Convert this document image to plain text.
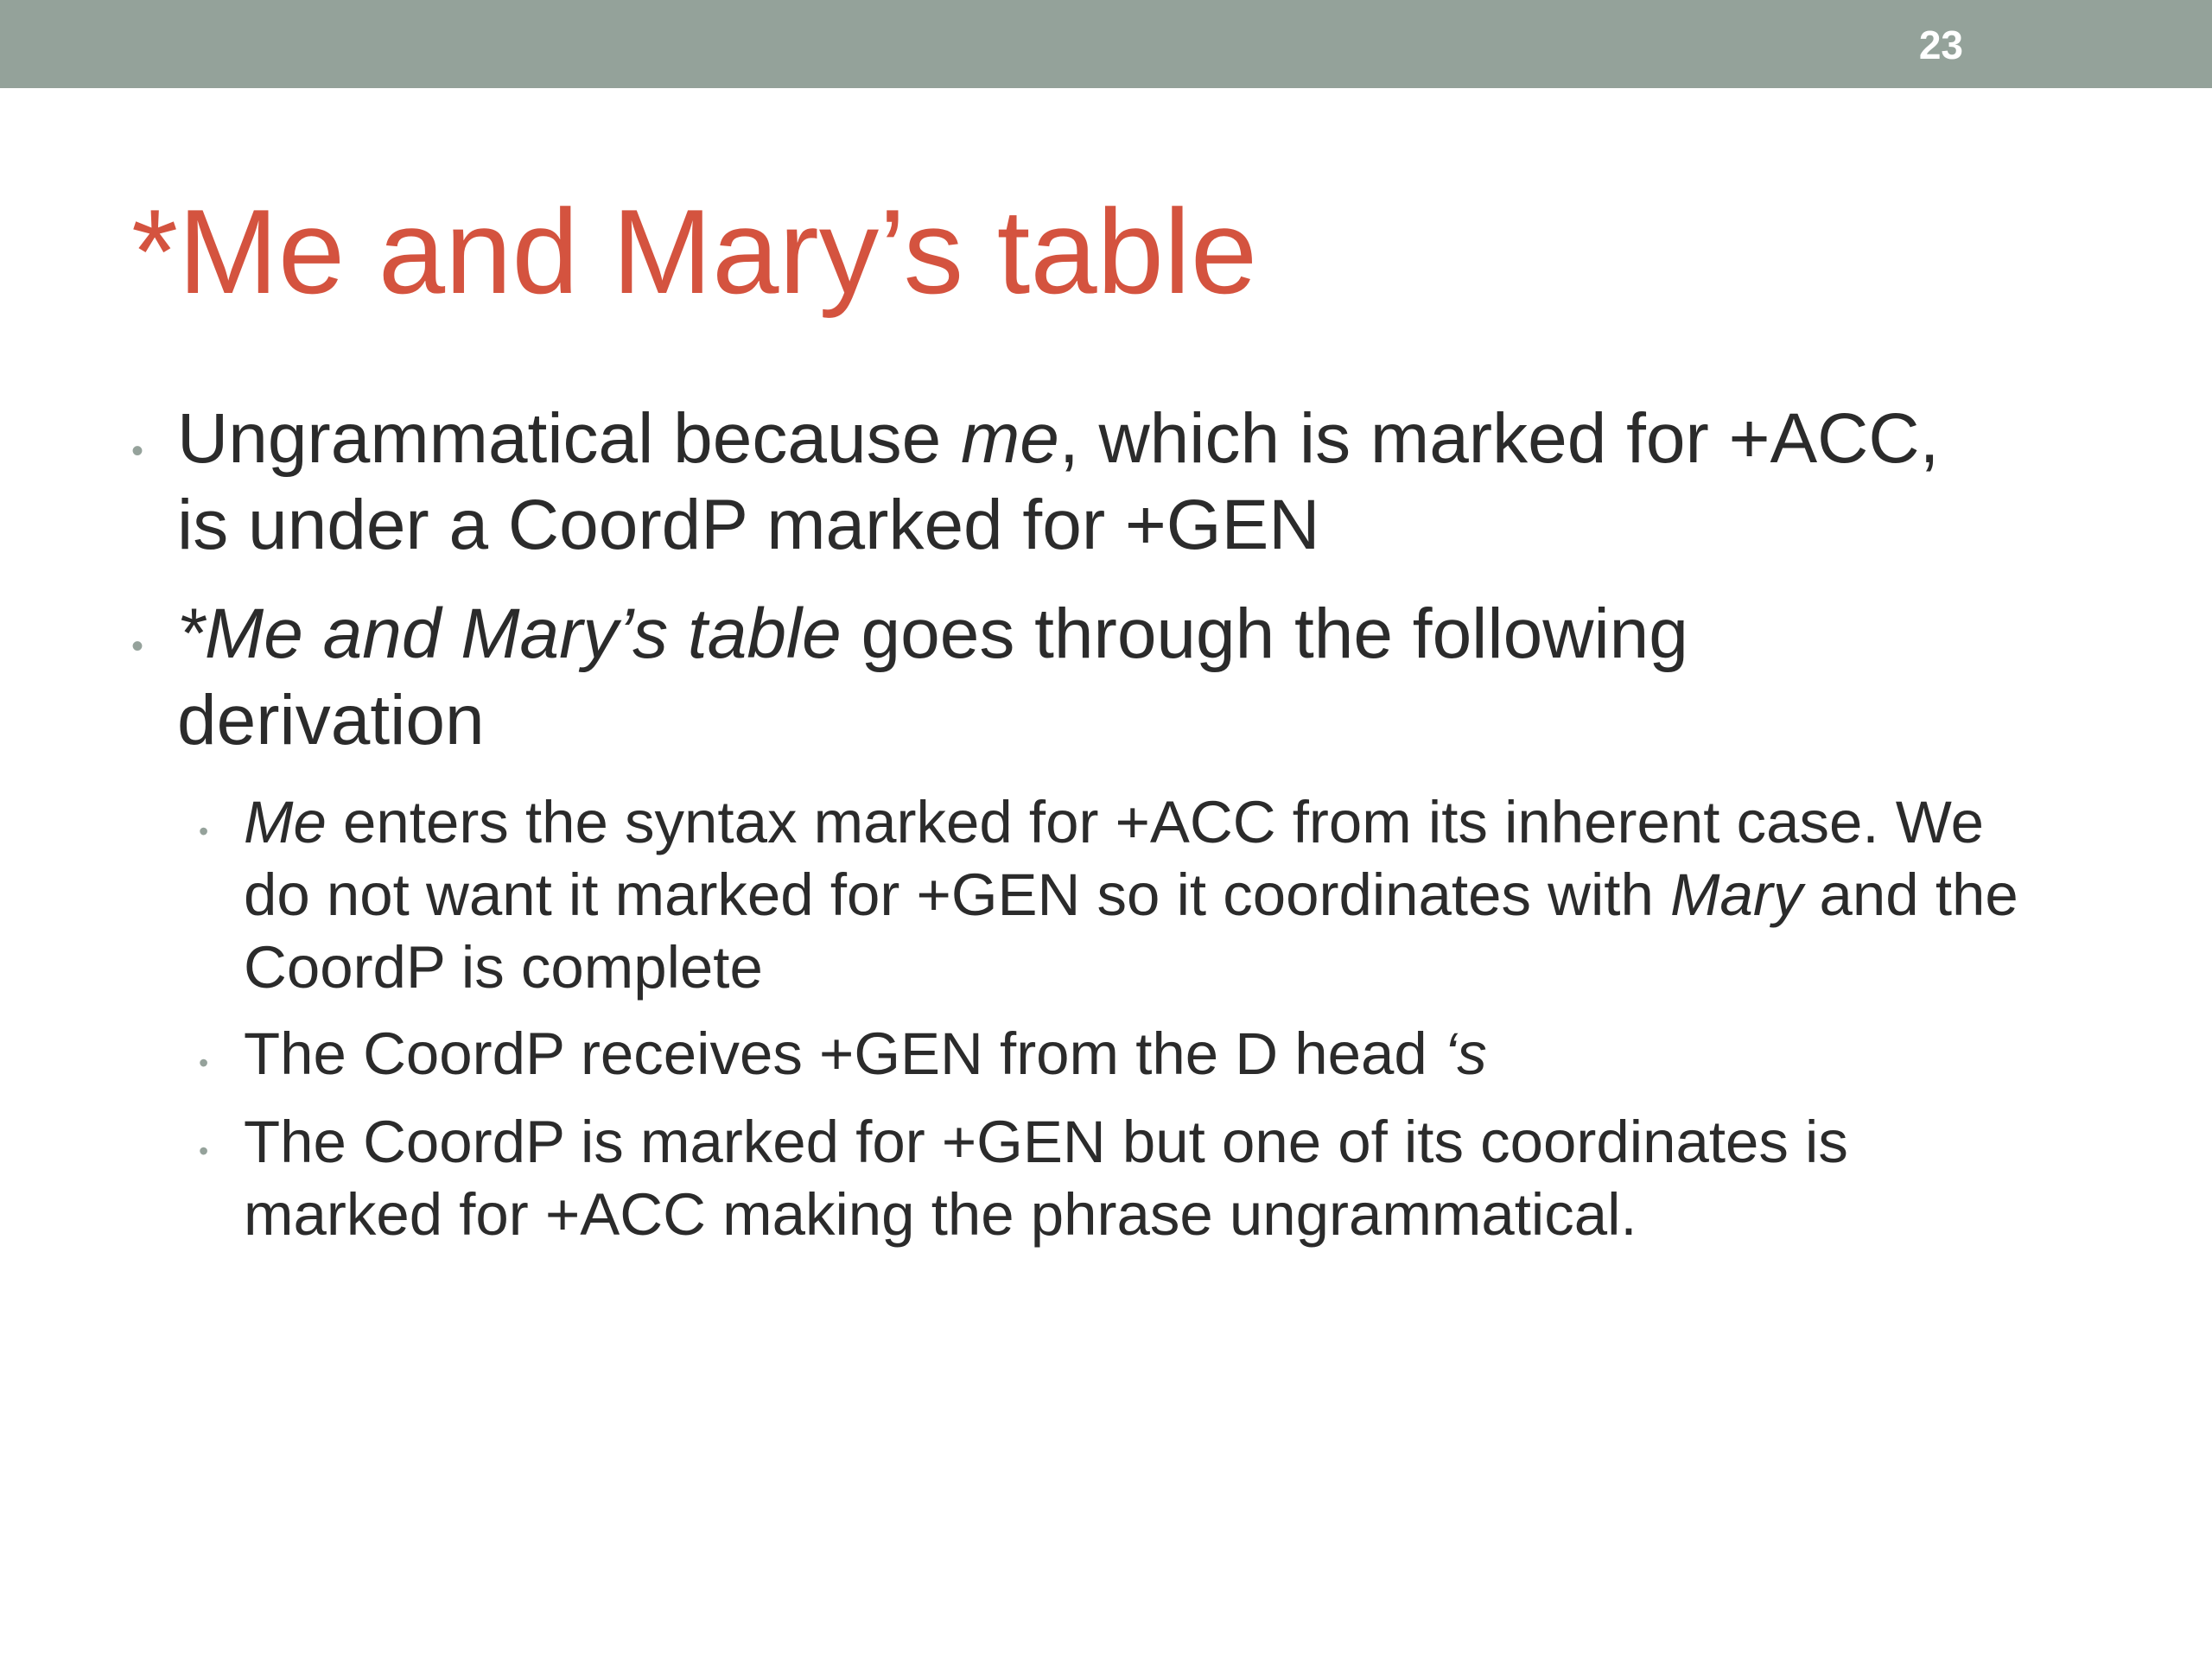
23
*Me and Mary’s table
• Ungrammatical because me, which is marked for +ACC,
is under a CoordP marked for +GEN
• *Me and Mary’s table goes through the following
derivation
• Me enters the syntax marked for +ACC from its inherent case. We
do not want it marked for +GEN so it coordinates with Mary and the
CoordP is complete
• The CoordP receives +GEN from the D head ‘s
• The CoordP is marked for +GEN but one of its coordinates is
marked for +ACC making the phrase ungrammatical.
